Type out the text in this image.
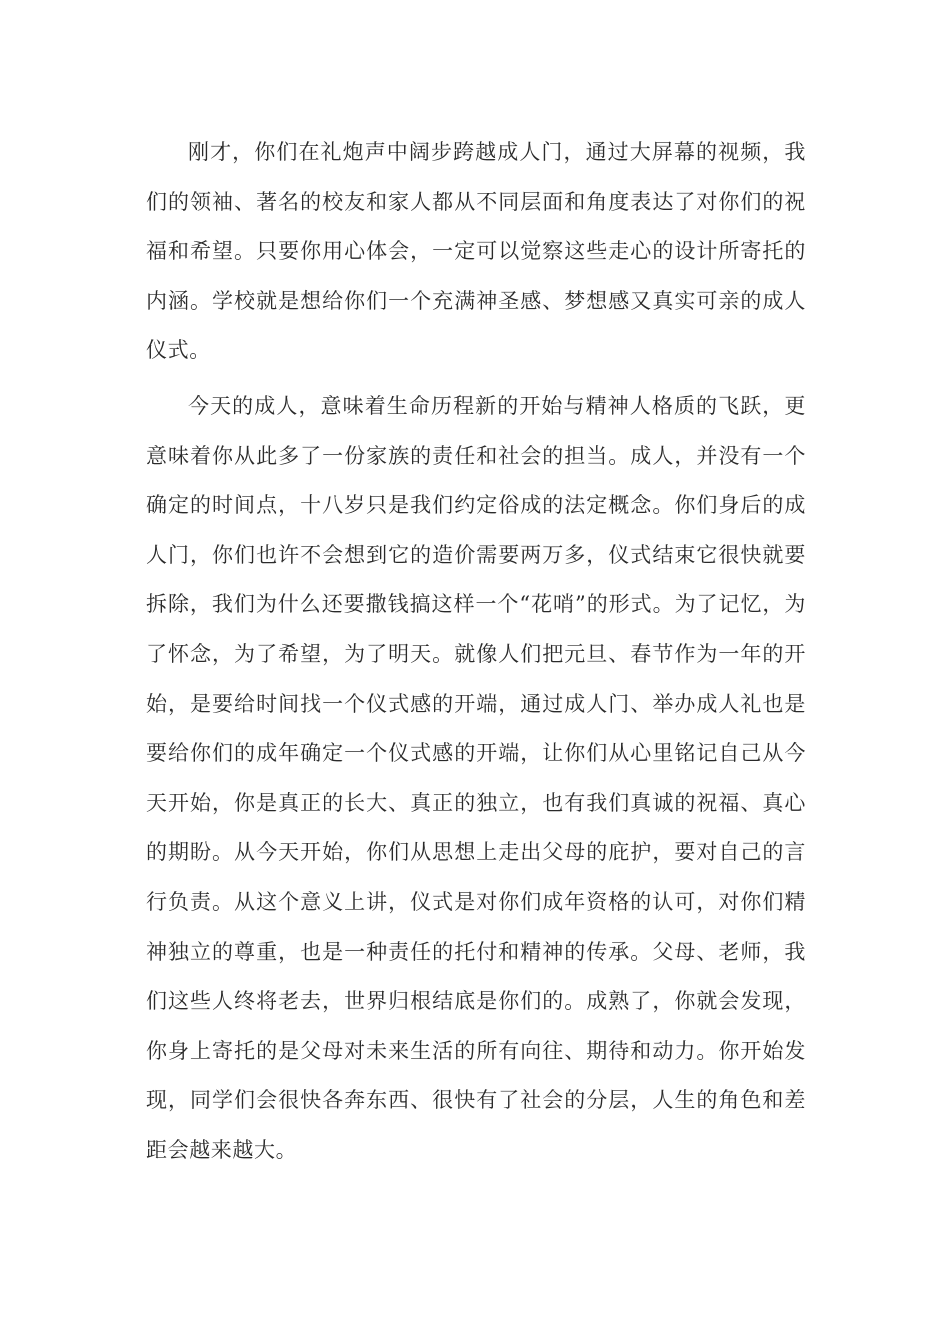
刚才，你们在礼炮声中阔步跨越成人门，通过大屏幕的视频，我们的领袖、著名的校友和家人都从不同层面和角度表达了对你们的祝福和希望。只要你用心体会，一定可以觉察这些走心的设计所寄托的内涵。学校就是想给你们一个充满神圣感、梦想感又真实可亲的成人仪式。

今天的成人，意味着生命历程新的开始与精神人格质的飞跃，更意味着你从此多了一份家族的责任和社会的担当。成人，并没有一个确定的时间点，十八岁只是我们约定俗成的法定概念。你们身后的成人门，你们也许不会想到它的造价需要两万多，仪式结束它很快就要拆除，我们为什么还要撒钱搞这样一个“花哨”的形式。为了记忆，为了怀念，为了希望，为了明天。就像人们把元旦、春节作为一年的开始，是要给时间找一个仪式感的开端，通过成人门、举办成人礼也是要给你们的成年确定一个仪式感的开端，让你们从心里铭记自己从今天开始，你是真正的长大、真正的独立，也有我们真诚的祝福、真心的期盼。从今天开始，你们从思想上走出父母的庇护，要对自己的言行负责。从这个意义上讲，仪式是对你们成年资格的认可，对你们精神独立的尊重，也是一种责任的托付和精神的传承。父母、老师，我们这些人终将老去，世界归根结底是你们的。成熟了，你就会发现，你身上寄托的是父母对未来生活的所有向往、期待和动力。你开始发现，同学们会很快各奔东西、很快有了社会的分层，人生的角色和差距会越来越大。
